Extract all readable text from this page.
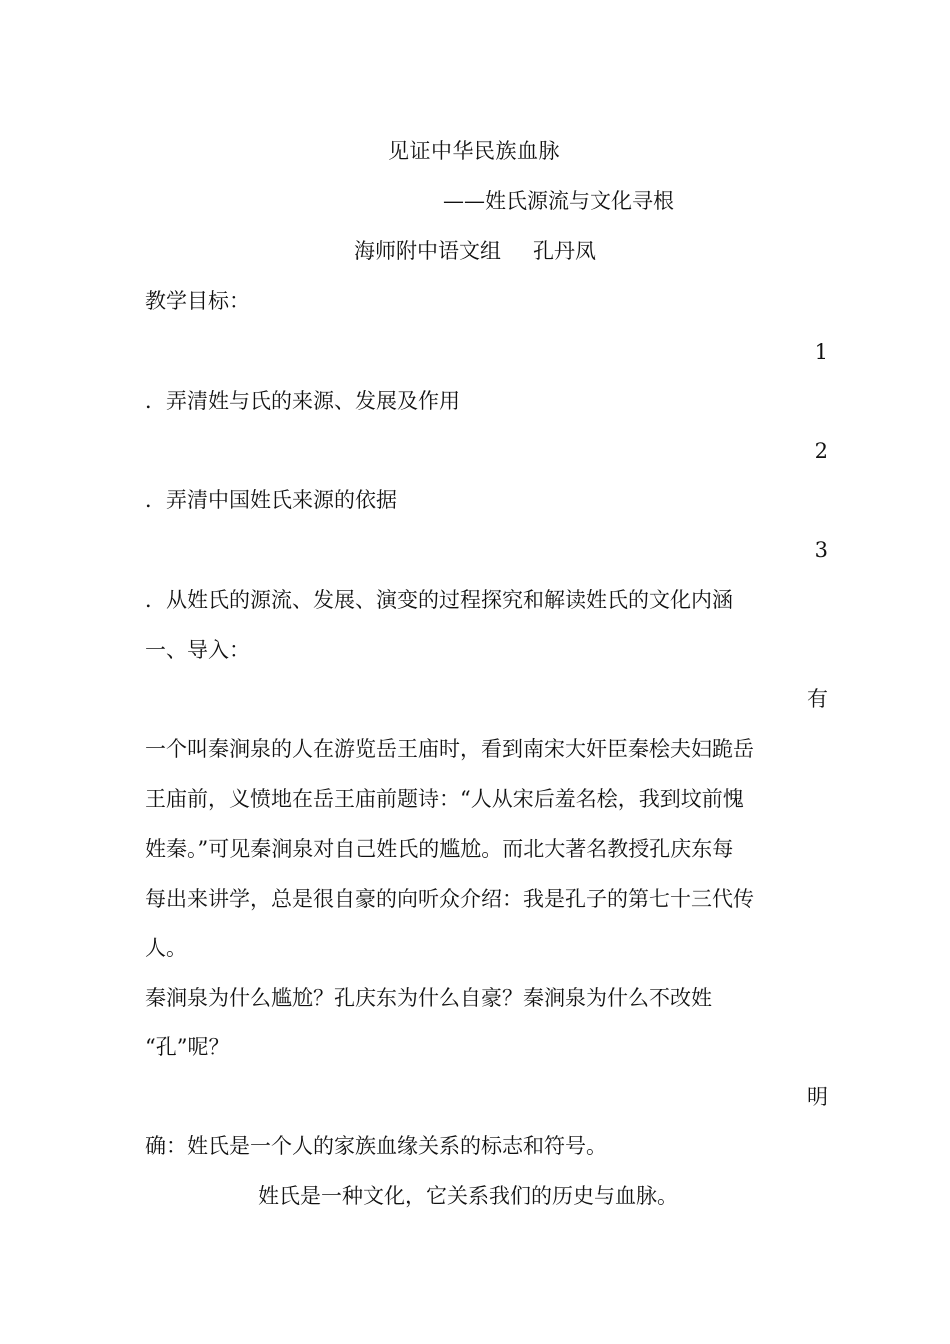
见证中华民族血脉
——姓氏源流与文化寻根
海师附中语文组 孔丹凤
教学目标：
1
．弄清姓与氏的来源、发展及作用
2
．弄清中国姓氏来源的依据
3
．从姓氏的源流、发展、演变的过程探究和解读姓氏的文化内涵
一、导入：
有
一个叫秦涧泉的人在游览岳王庙时，看到南宋大奸臣秦桧夫妇跪岳
王庙前，义愤地在岳王庙前题诗：“人从宋后羞名桧，我到坟前愧
姓秦。”可见秦涧泉对自己姓氏的尴尬。而北大著名教授孔庆东每
每出来讲学，总是很自豪的向听众介绍：我是孔子的第七十三代传
人。
秦涧泉为什么尴尬？孔庆东为什么自豪？秦涧泉为什么不改姓
“孔”呢？
明
确：姓氏是一个人的家族血缘关系的标志和符号。
姓氏是一种文化，它关系我们的历史与血脉。
